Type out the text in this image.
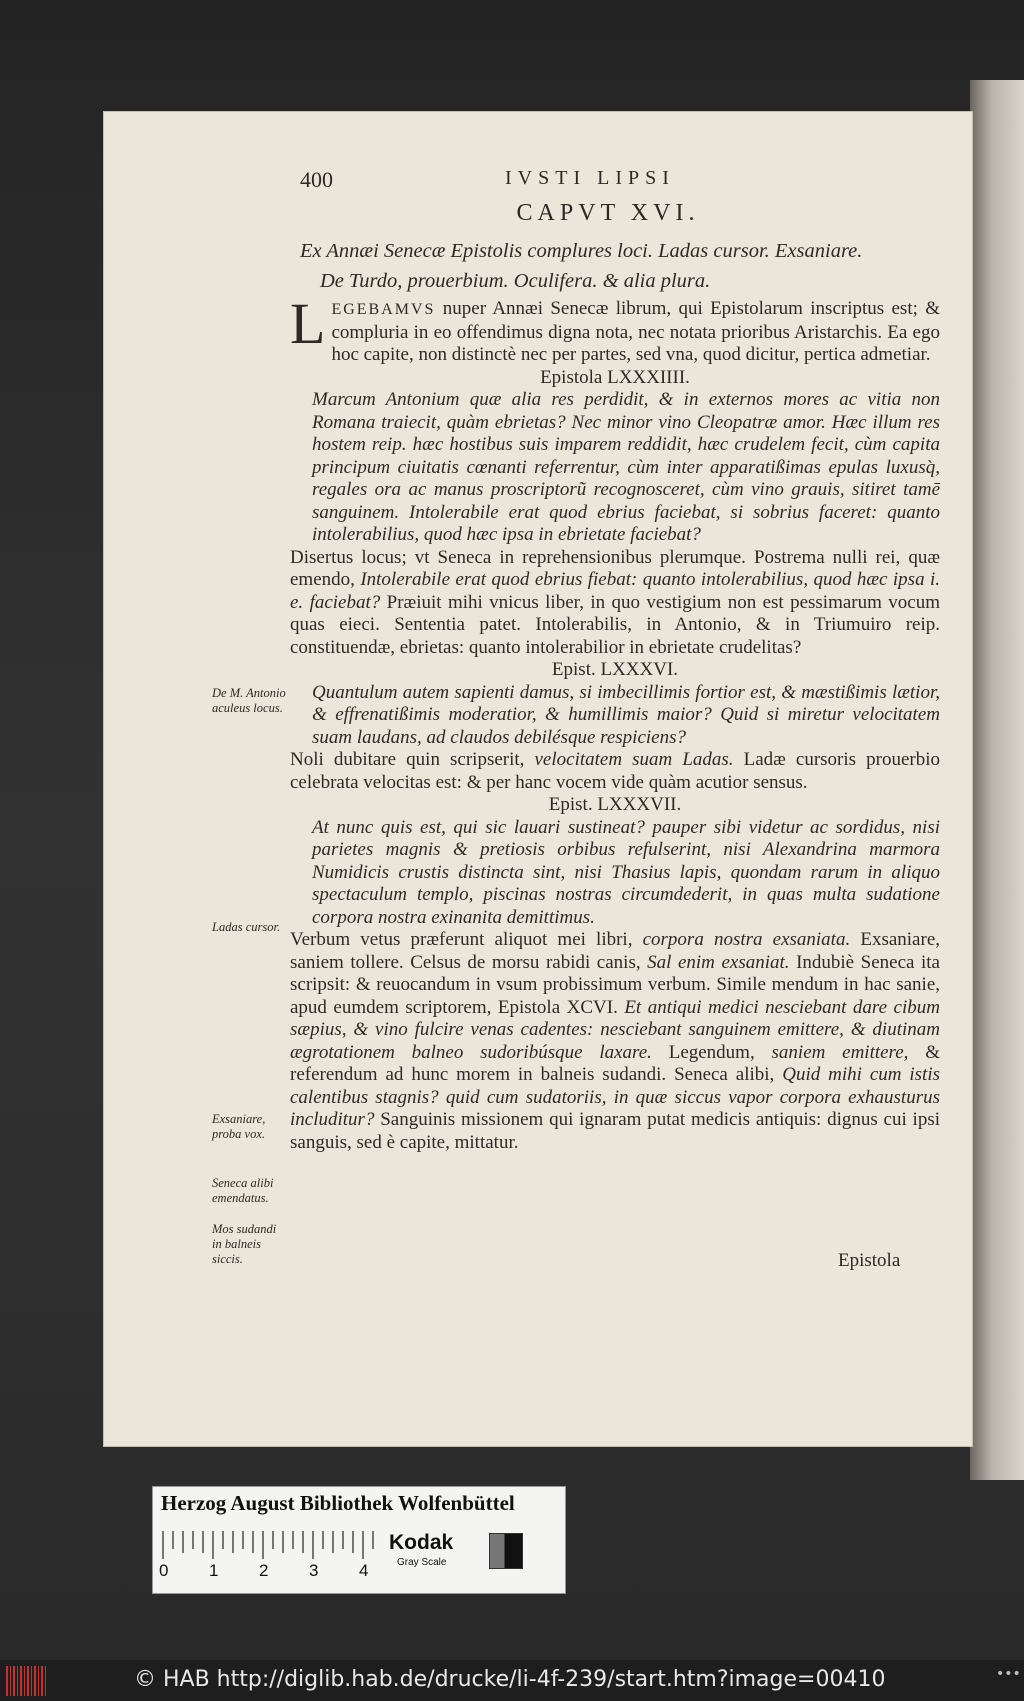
400	IVSTI LIPSI
CAPVT XVI.
Ex Annæi Senecæ Epistolis complures loci. Ladas cursor. Exsaniare.
De Turdo, prouerbium. Oculifera. & alia plura.

LEGEBAMVS nuper Annæi Senecæ librum, qui Epistolarum inscriptus est; & compluria in eo offendimus digna nota, nec notata prioribus Aristarchis. Ea ego hoc capite, non distinctè nec per partes, sed vna, quod dicitur, pertica admetiar.

Epistola LXXXIIII.

Marcum Antonium quæ alia res perdidit, & in externos mores ac vitia non Romana traiecit, quàm ebrietas? Nec minor vino Cleopatræ amor. Hæc illum res hostem reip. hæc hostibus suis imparem reddidit, hæc crudelem fecit, cùm capita principum ciuitatis cœnanti referrentur, cùm inter apparatißimas epulas luxusq̀, regales ora ac manus proscriptorũ recognosceret, cùm vino grauis, sitiret tamē sanguinem. Intolerabile erat quod ebrius faciebat, si sobrius faceret: quanto intolerabilius, quod hæc ipsa in ebrietate faciebat?

Disertus locus; vt Seneca in reprehensionibus plerumque. Postrema nulli rei, quæ emendo, Intolerabile erat quod ebrius fiebat: quanto intolerabilius, quod hæc ipsa i. e. faciebat? Præiuit mihi vnicus liber, in quo vestigium non est pessimarum vocum quas eieci. Sententia patet. Intolerabilis, in Antonio, & in Triumuiro reip. constituendæ, ebrietas: quanto intolerabilior in ebrietate crudelitas?

Epist. LXXXVI.

Quantulum autem sapienti damus, si imbecillimis fortior est, & mæstißimis lætior, & effrenatißimis moderatior, & humillimis maior? Quid si miretur velocitatem suam laudans, ad claudos debilésque respiciens?

Noli dubitare quin scripserit, velocitatem suam Ladas. Ladæ cursoris prouerbio celebrata velocitas est: & per hanc vocem vide quàm acutior sensus.

Epist. LXXXVII.

At nunc quis est, qui sic lauari sustineat? pauper sibi videtur ac sordidus, nisi parietes magnis & pretiosis orbibus refulserint, nisi Alexandrina marmora Numidicis crustis distincta sint, nisi Thasius lapis, quondam rarum in aliquo spectaculum templo, piscinas nostras circumdederit, in quas multa sudatione corpora nostra exinanita demittimus.

Verbum vetus præferunt aliquot mei libri, corpora nostra exsaniata. Exsaniare, saniem tollere. Celsus de morsu rabidi canis, Sal enim exsaniat. Indubiè Seneca ita scripsit: & reuocandum in vsum probissimum verbum. Simile mendum in hac sanie, apud eumdem scriptorem, Epistola XCVI. Et antiqui medici nesciebant dare cibum sæpius, & vino fulcire venas cadentes: nesciebant sanguinem emittere, & diutinam ægrotationem balneo sudoribúsque laxare. Legendum, saniem emittere, & referendum ad hunc morem in balneis sudandi. Seneca alibi, Quid mihi cum istis calentibus stagnis? quid cum sudatoriis, in quæ siccus vapor corpora exhausturus includitur? Sanguinis missionem qui ignaram putat medicis antiquis: dignus cui ipsi sanguis, sed è capite, mittatur.

De M. Antonio aculeus locus.
Ladas cursor.
Exsaniare, proba vox.
Seneca alibi emendatus.
Mos sudandi in balneis siccis.	Epistola
Herzog August Bibliothek Wolfenbüttel
0 1 2 3 4
Kodak
Gray Scale
© HAB http://diglib.hab.de/drucke/li-4f-239/start.htm?image=00410	•••
